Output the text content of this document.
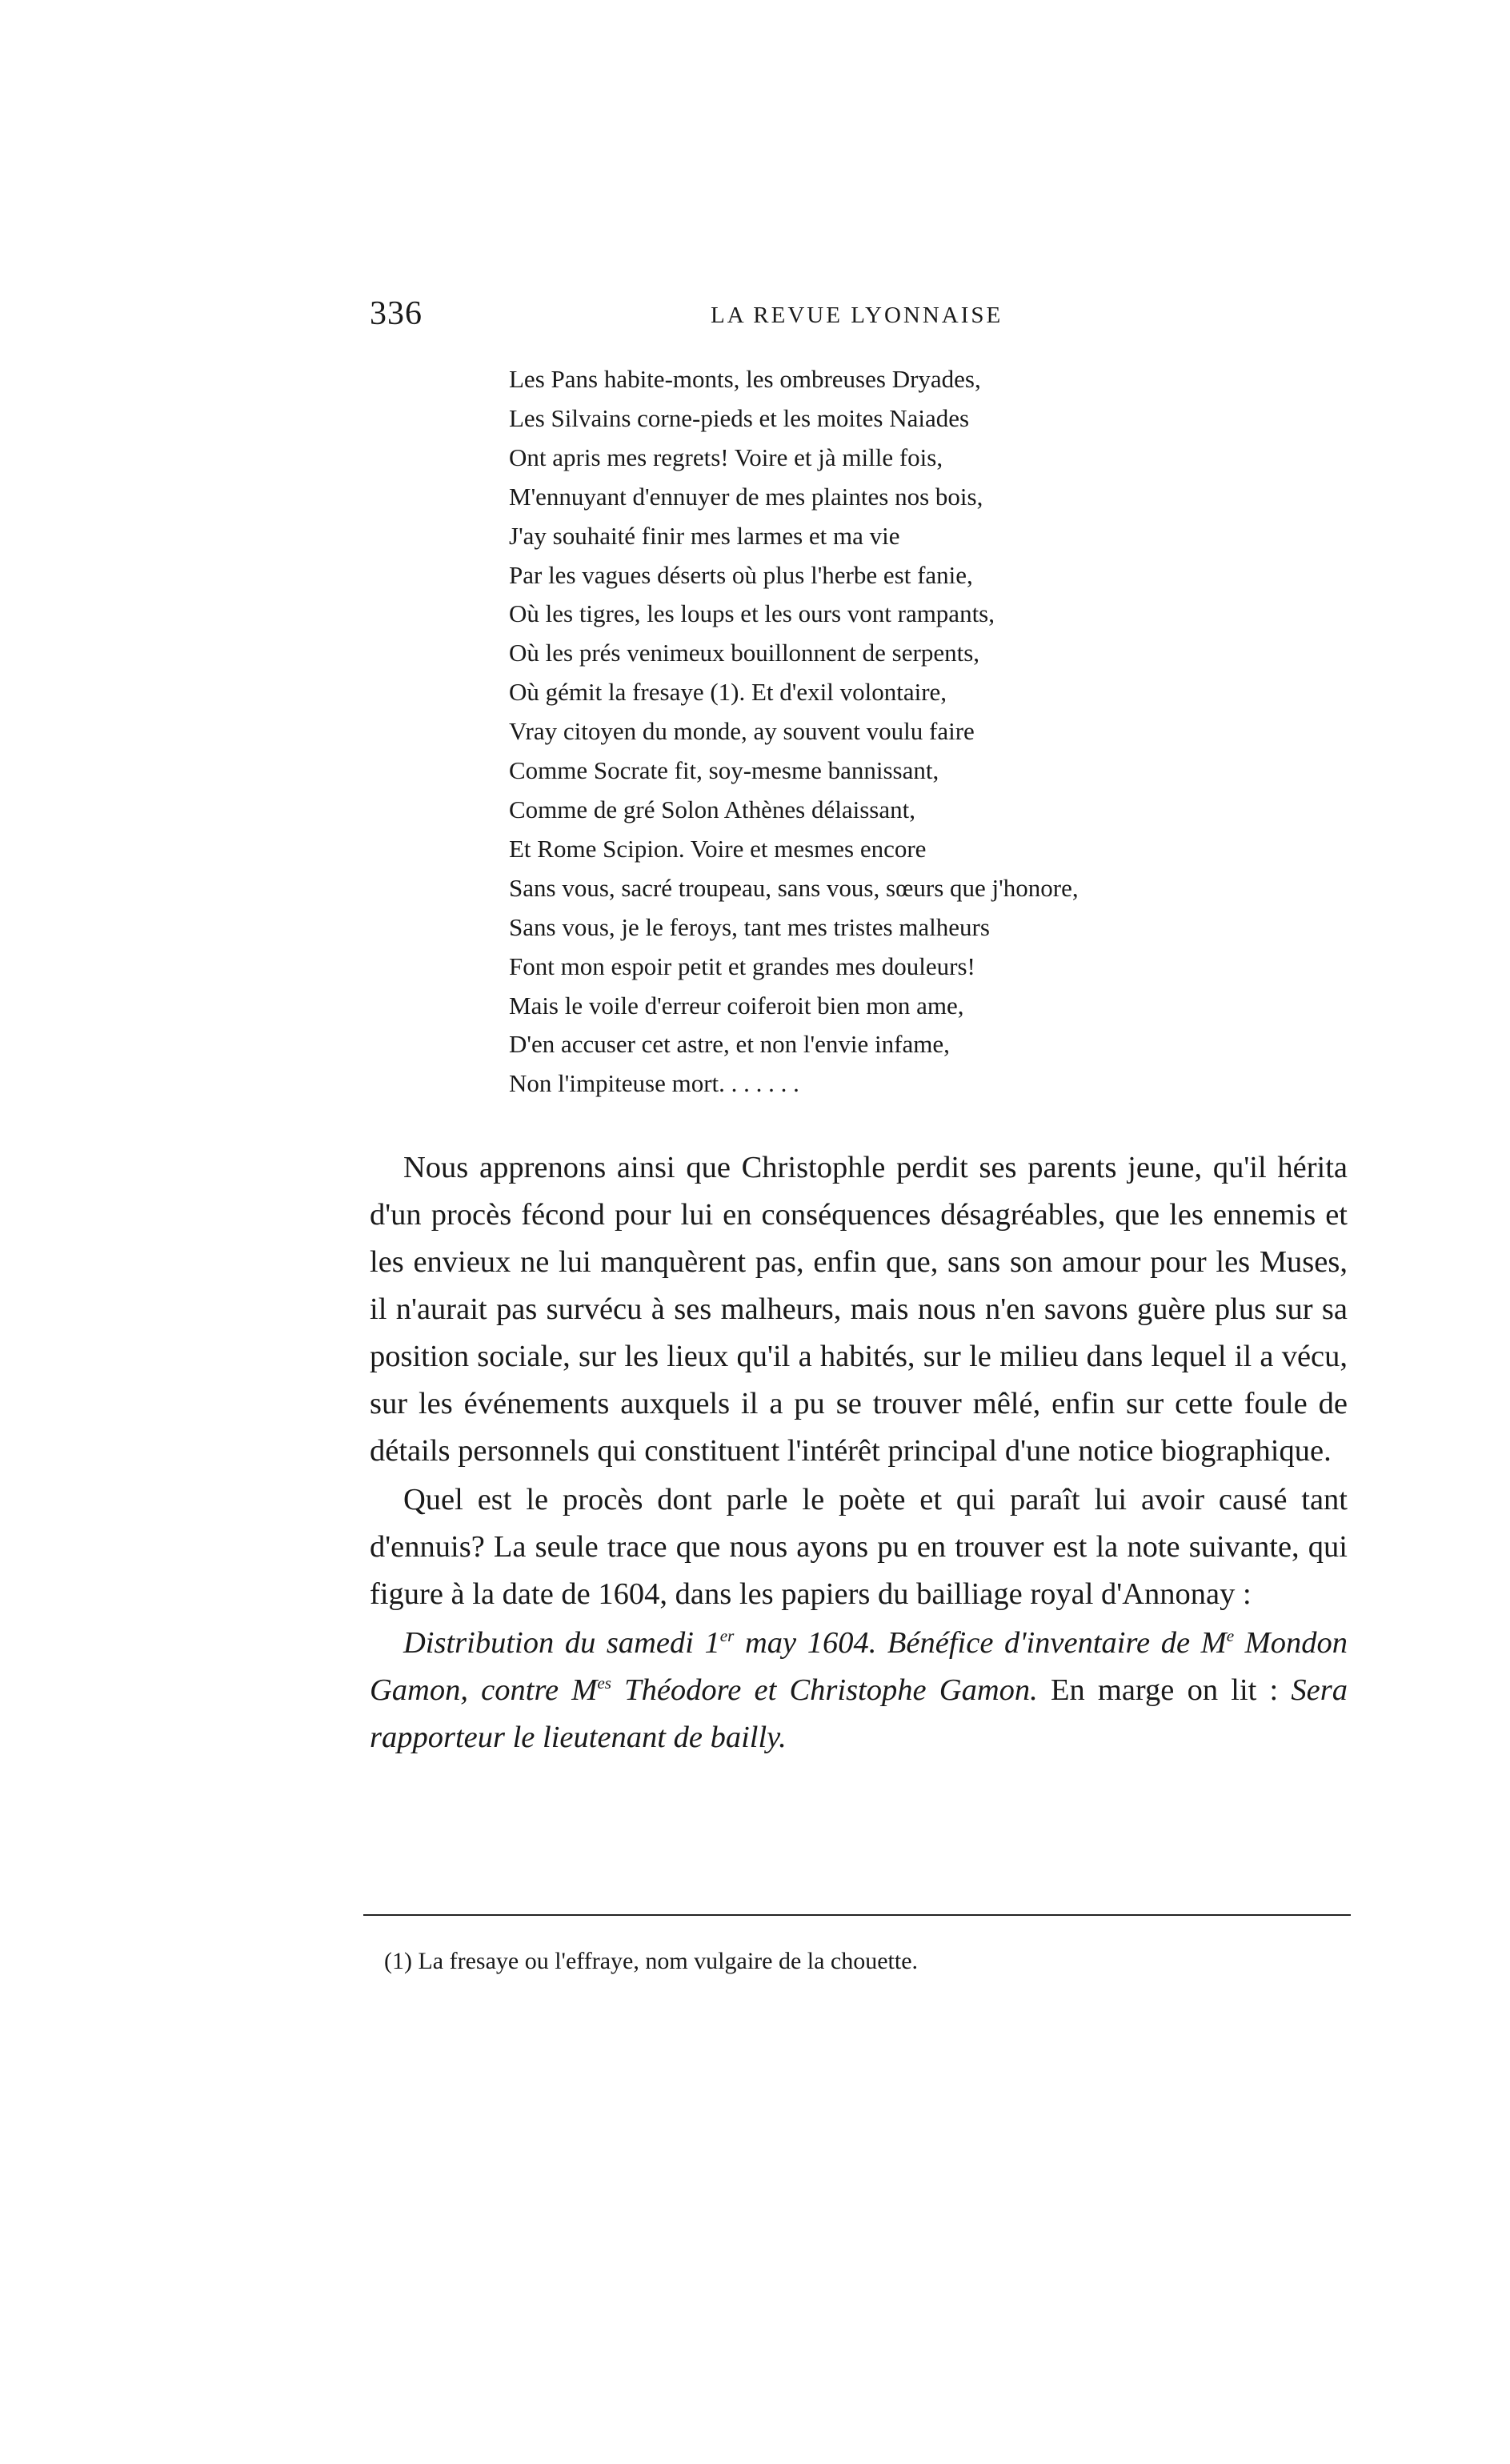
336	LA REVUE LYONNAISE
Les Pans habite-monts, les ombreuses Dryades,
Les Silvains corne-pieds et les moites Naiades
Ont apris mes regrets! Voire et jà mille fois,
M'ennuyant d'ennuyer de mes plaintes nos bois,
J'ay souhaité finir mes larmes et ma vie
Par les vagues déserts où plus l'herbe est fanie,
Où les tigres, les loups et les ours vont rampants,
Où les prés venimeux bouillonnent de serpents,
Où gémit la fresaye (1). Et d'exil volontaire,
Vray citoyen du monde, ay souvent voulu faire
Comme Socrate fit, soy-mesme bannissant,
Comme de gré Solon Athènes délaissant,
Et Rome Scipion. Voire et mesmes encore
Sans vous, sacré troupeau, sans vous, sœurs que j'honore,
Sans vous, je le feroys, tant mes tristes malheurs
Font mon espoir petit et grandes mes douleurs!
Mais le voile d'erreur coiferoit bien mon ame,
D'en accuser cet astre, et non l'envie infame,
Non l'impiteuse mort. . . . . . .

Nous apprenons ainsi que Christophle perdit ses parents jeune, qu'il hérita d'un procès fécond pour lui en conséquences désagréables, que les ennemis et les envieux ne lui manquèrent pas, enfin que, sans son amour pour les Muses, il n'aurait pas survécu à ses malheurs, mais nous n'en savons guère plus sur sa position sociale, sur les lieux qu'il a habités, sur le milieu dans lequel il a vécu, sur les événements auxquels il a pu se trouver mêlé, enfin sur cette foule de détails personnels qui constituent l'intérêt principal d'une notice biographique.

Quel est le procès dont parle le poète et qui paraît lui avoir causé tant d'ennuis? La seule trace que nous ayons pu en trouver est la note suivante, qui figure à la date de 1604, dans les papiers du bailliage royal d'Annonay :

Distribution du samedi 1er may 1604. Bénéfice d'inventaire de Me Mondon Gamon, contre $M^{es}$ Théodore et Christophe Gamon. En marge on lit : Sera rapporteur le lieutenant de bailly.

(1) La fresaye ou l'effraye, nom vulgaire de la chouette.
